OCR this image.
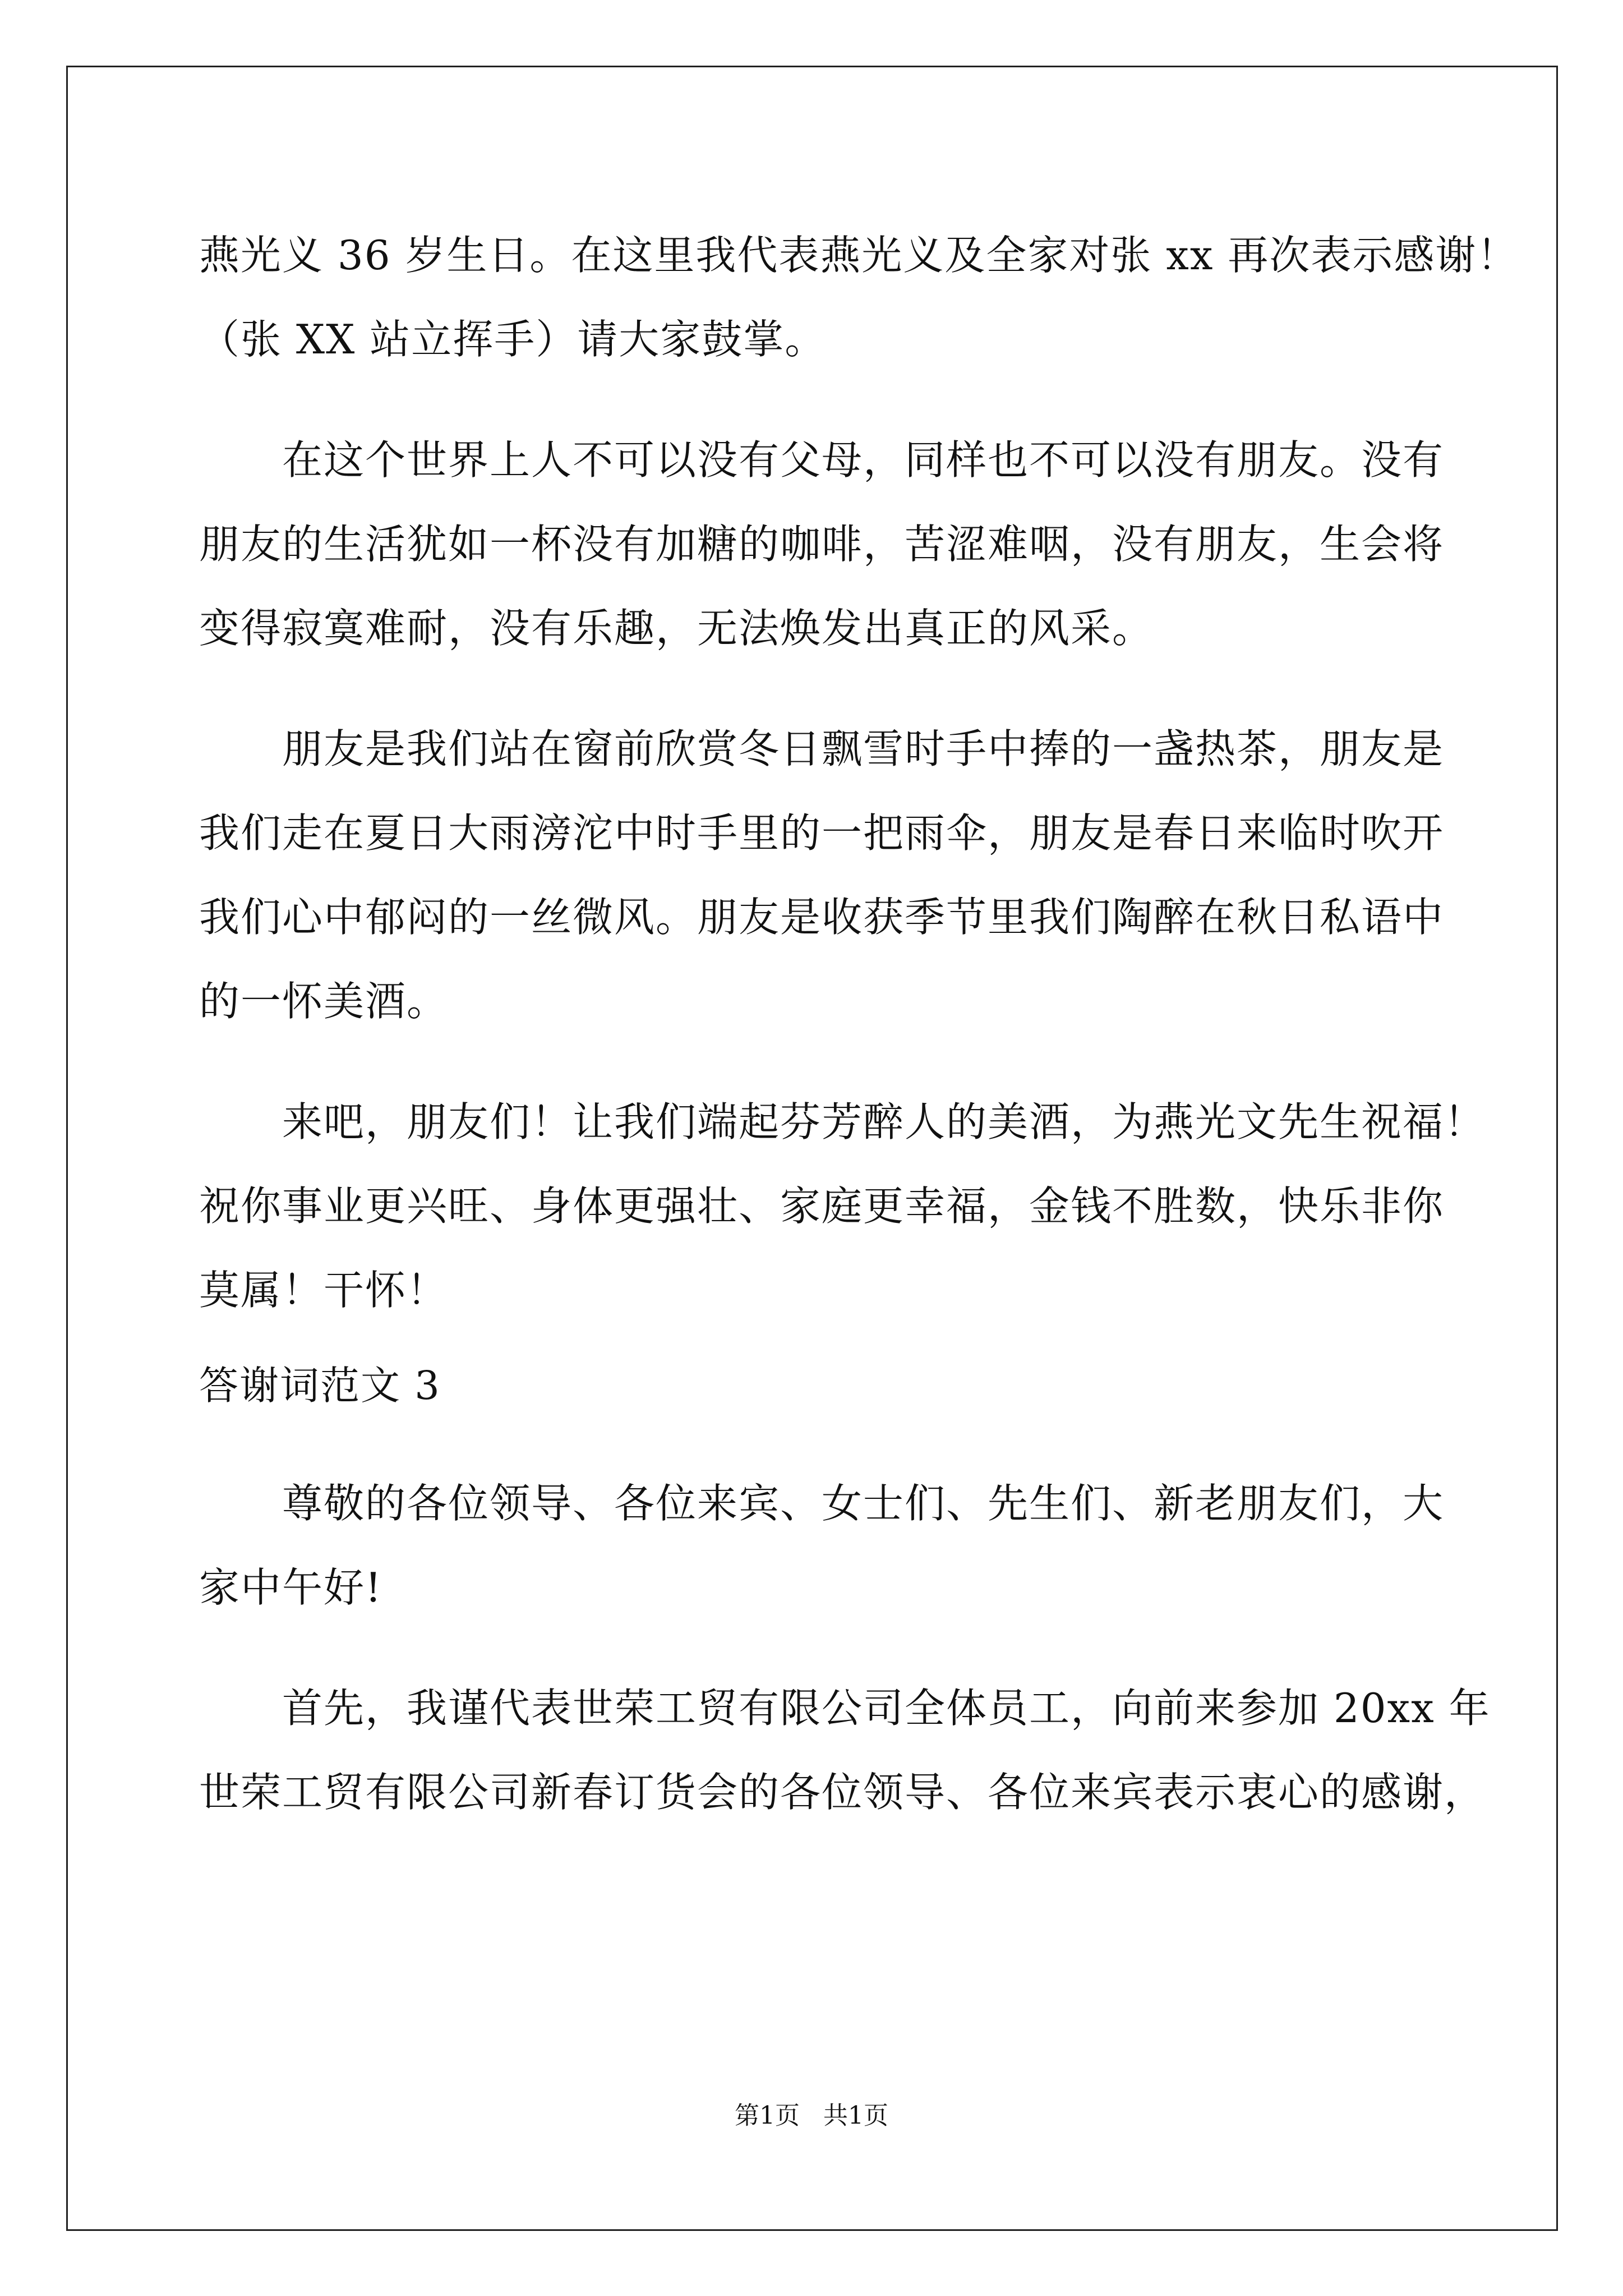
燕光义 36 岁生日。在这里我代表燕光义及全家对张 xx 再次表示感谢！
（张 XX 站立挥手）请大家鼓掌。
在这个世界上人不可以没有父母，同样也不可以没有朋友。没有
朋友的生活犹如一杯没有加糖的咖啡，苦涩难咽，没有朋友，生会将
变得寂寞难耐，没有乐趣，无法焕发出真正的风采。
朋友是我们站在窗前欣赏冬日飘雪时手中捧的一盏热茶，朋友是
我们走在夏日大雨滂沱中时手里的一把雨伞，朋友是春日来临时吹开
我们心中郁闷的一丝微风。朋友是收获季节里我们陶醉在秋日私语中
的一怀美酒。
来吧，朋友们！让我们端起芬芳醉人的美酒，为燕光文先生祝福！
祝你事业更兴旺、身体更强壮、家庭更幸福，金钱不胜数，快乐非你
莫属！干怀！
答谢词范文 3
尊敬的各位领导、各位来宾、女士们、先生们、新老朋友们，大
家中午好!
首先，我谨代表世荣工贸有限公司全体员工，向前来参加 20xx 年
世荣工贸有限公司新春订货会的各位领导、各位来宾表示衷心的感谢，
第1页 共1页
